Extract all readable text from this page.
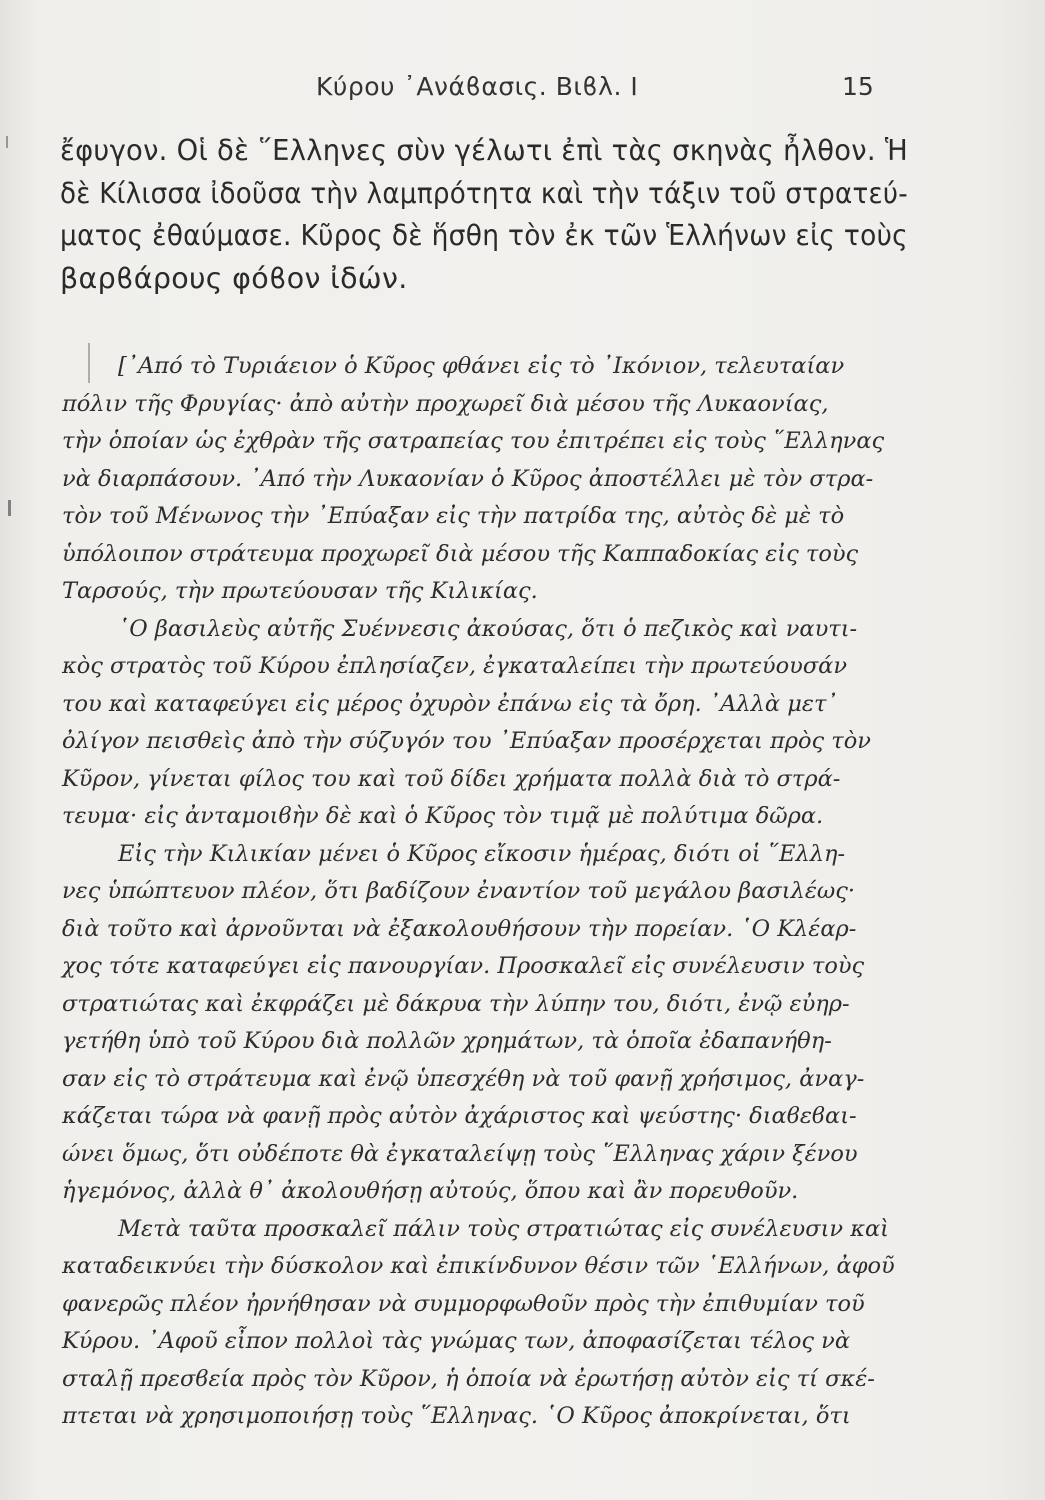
Κύρου ᾿Ανάϐασις. Βιϐλ. Ι	15
ἔφυγον. Οἱ δὲ ῞Ελληνες σὺν γέλωτι ἐπὶ τὰς σκηνὰς ἦλθον. Ἡ
δὲ Κίλισσα ἰδοῦσα τὴν λαμπρότητα καὶ τὴν τάξιν τοῦ στρατεύ-
ματος ἐθαύμασε. Κῦρος δὲ ἥσθη τὸν ἐκ τῶν Ἑλλήνων εἰς τοὺς
βαρϐάρους φόϐον ἰδών.
[᾿Από τὸ Τυριάειον ὁ Κῦρος φθάνει εἰς τὸ ᾿Ικόνιον, τελευταίαν
πόλιν τῆς Φρυγίας· ἀπὸ αὐτὴν προχωρεῖ διὰ μέσου τῆς Λυκαονίας,
τὴν ὁποίαν ὡς ἐχθρὰν τῆς σατραπείας του ἐπιτρέπει εἰς τοὺς ῞Ελληνας
νὰ διαρπάσουν. ᾿Από τὴν Λυκαονίαν ὁ Κῦρος ἀποστέλλει μὲ τὸν στρα-
τὸν τοῦ Μένωνος τὴν ᾿Επύαξαν εἰς τὴν πατρίδα της, αὐτὸς δὲ μὲ τὸ
ὑπόλοιπον στράτευμα προχωρεῖ διὰ μέσου τῆς Καππαδοκίας εἰς τοὺς
Ταρσούς, τὴν πρωτεύουσαν τῆς Κιλικίας.
῾Ο βασιλεὺς αὐτῆς Συέννεσις ἀκούσας, ὅτι ὁ πεζικὸς καὶ ναυτι-
κὸς στρατὸς τοῦ Κύρου ἐπλησίαζεν, ἐγκαταλείπει τὴν πρωτεύουσάν
του καὶ καταφεύγει εἰς μέρος ὀχυρὸν ἐπάνω εἰς τὰ ὄρη. ᾿Αλλὰ μετ᾿
ὀλίγον πεισθεὶς ἀπὸ τὴν σύζυγόν του ᾿Επύαξαν προσέρχεται πρὸς τὸν
Κῦρον, γίνεται φίλος του καὶ τοῦ δίδει χρήματα πολλὰ διὰ τὸ στρά-
τευμα· εἰς ἀνταμοιϐὴν δὲ καὶ ὁ Κῦρος τὸν τιμᾷ μὲ πολύτιμα δῶρα.
Εἰς τὴν Κιλικίαν μένει ὁ Κῦρος εἴκοσιν ἡμέρας, διότι οἱ ῞Ελλη-
νες ὑπώπτευον πλέον, ὅτι βαδίζουν ἐναντίον τοῦ μεγάλου βασιλέως·
διὰ τοῦτο καὶ ἀρνοῦνται νὰ ἐξακολουθήσουν τὴν πορείαν. ῾Ο Κλέαρ-
χος τότε καταφεύγει εἰς πανουργίαν. Προσκαλεῖ εἰς συνέλευσιν τοὺς
στρατιώτας καὶ ἐκφράζει μὲ δάκρυα τὴν λύπην του, διότι, ἐνῷ εὐηρ-
γετήθη ὑπὸ τοῦ Κύρου διὰ πολλῶν χρημάτων, τὰ ὁποῖα ἐδαπανήθη-
σαν εἰς τὸ στράτευμα καὶ ἐνῷ ὑπεσχέθη νὰ τοῦ φανῇ χρήσιμος, ἀναγ-
κάζεται τώρα νὰ φανῇ πρὸς αὐτὸν ἀχάριστος καὶ ψεύστης· διαϐεϐαι-
ώνει ὅμως, ὅτι οὐδέποτε θὰ ἐγκαταλείψῃ τοὺς ῞Ελληνας χάριν ξένου
ἡγεμόνος, ἀλλὰ θ᾿ ἀκολουθήσῃ αὐτούς, ὅπου καὶ ἂν πορευθοῦν.
Μετὰ ταῦτα προσκαλεῖ πάλιν τοὺς στρατιώτας εἰς συνέλευσιν καὶ
καταδεικνύει τὴν δύσκολον καὶ ἐπικίνδυνον θέσιν τῶν ῾Ελλήνων, ἀφοῦ
φανερῶς πλέον ἠρνήθησαν νὰ συμμορφωθοῦν πρὸς τὴν ἐπιθυμίαν τοῦ
Κύρου. ᾿Αφοῦ εἶπον πολλοὶ τὰς γνώμας των, ἀποφασίζεται τέλος νὰ
σταλῇ πρεσϐεία πρὸς τὸν Κῦρον, ἡ ὁποία νὰ ἐρωτήσῃ αὐτὸν εἰς τί σκέ-
πτεται νὰ χρησιμοποιήσῃ τοὺς ῞Ελληνας. ῾Ο Κῦρος ἀποκρίνεται, ὅτι
